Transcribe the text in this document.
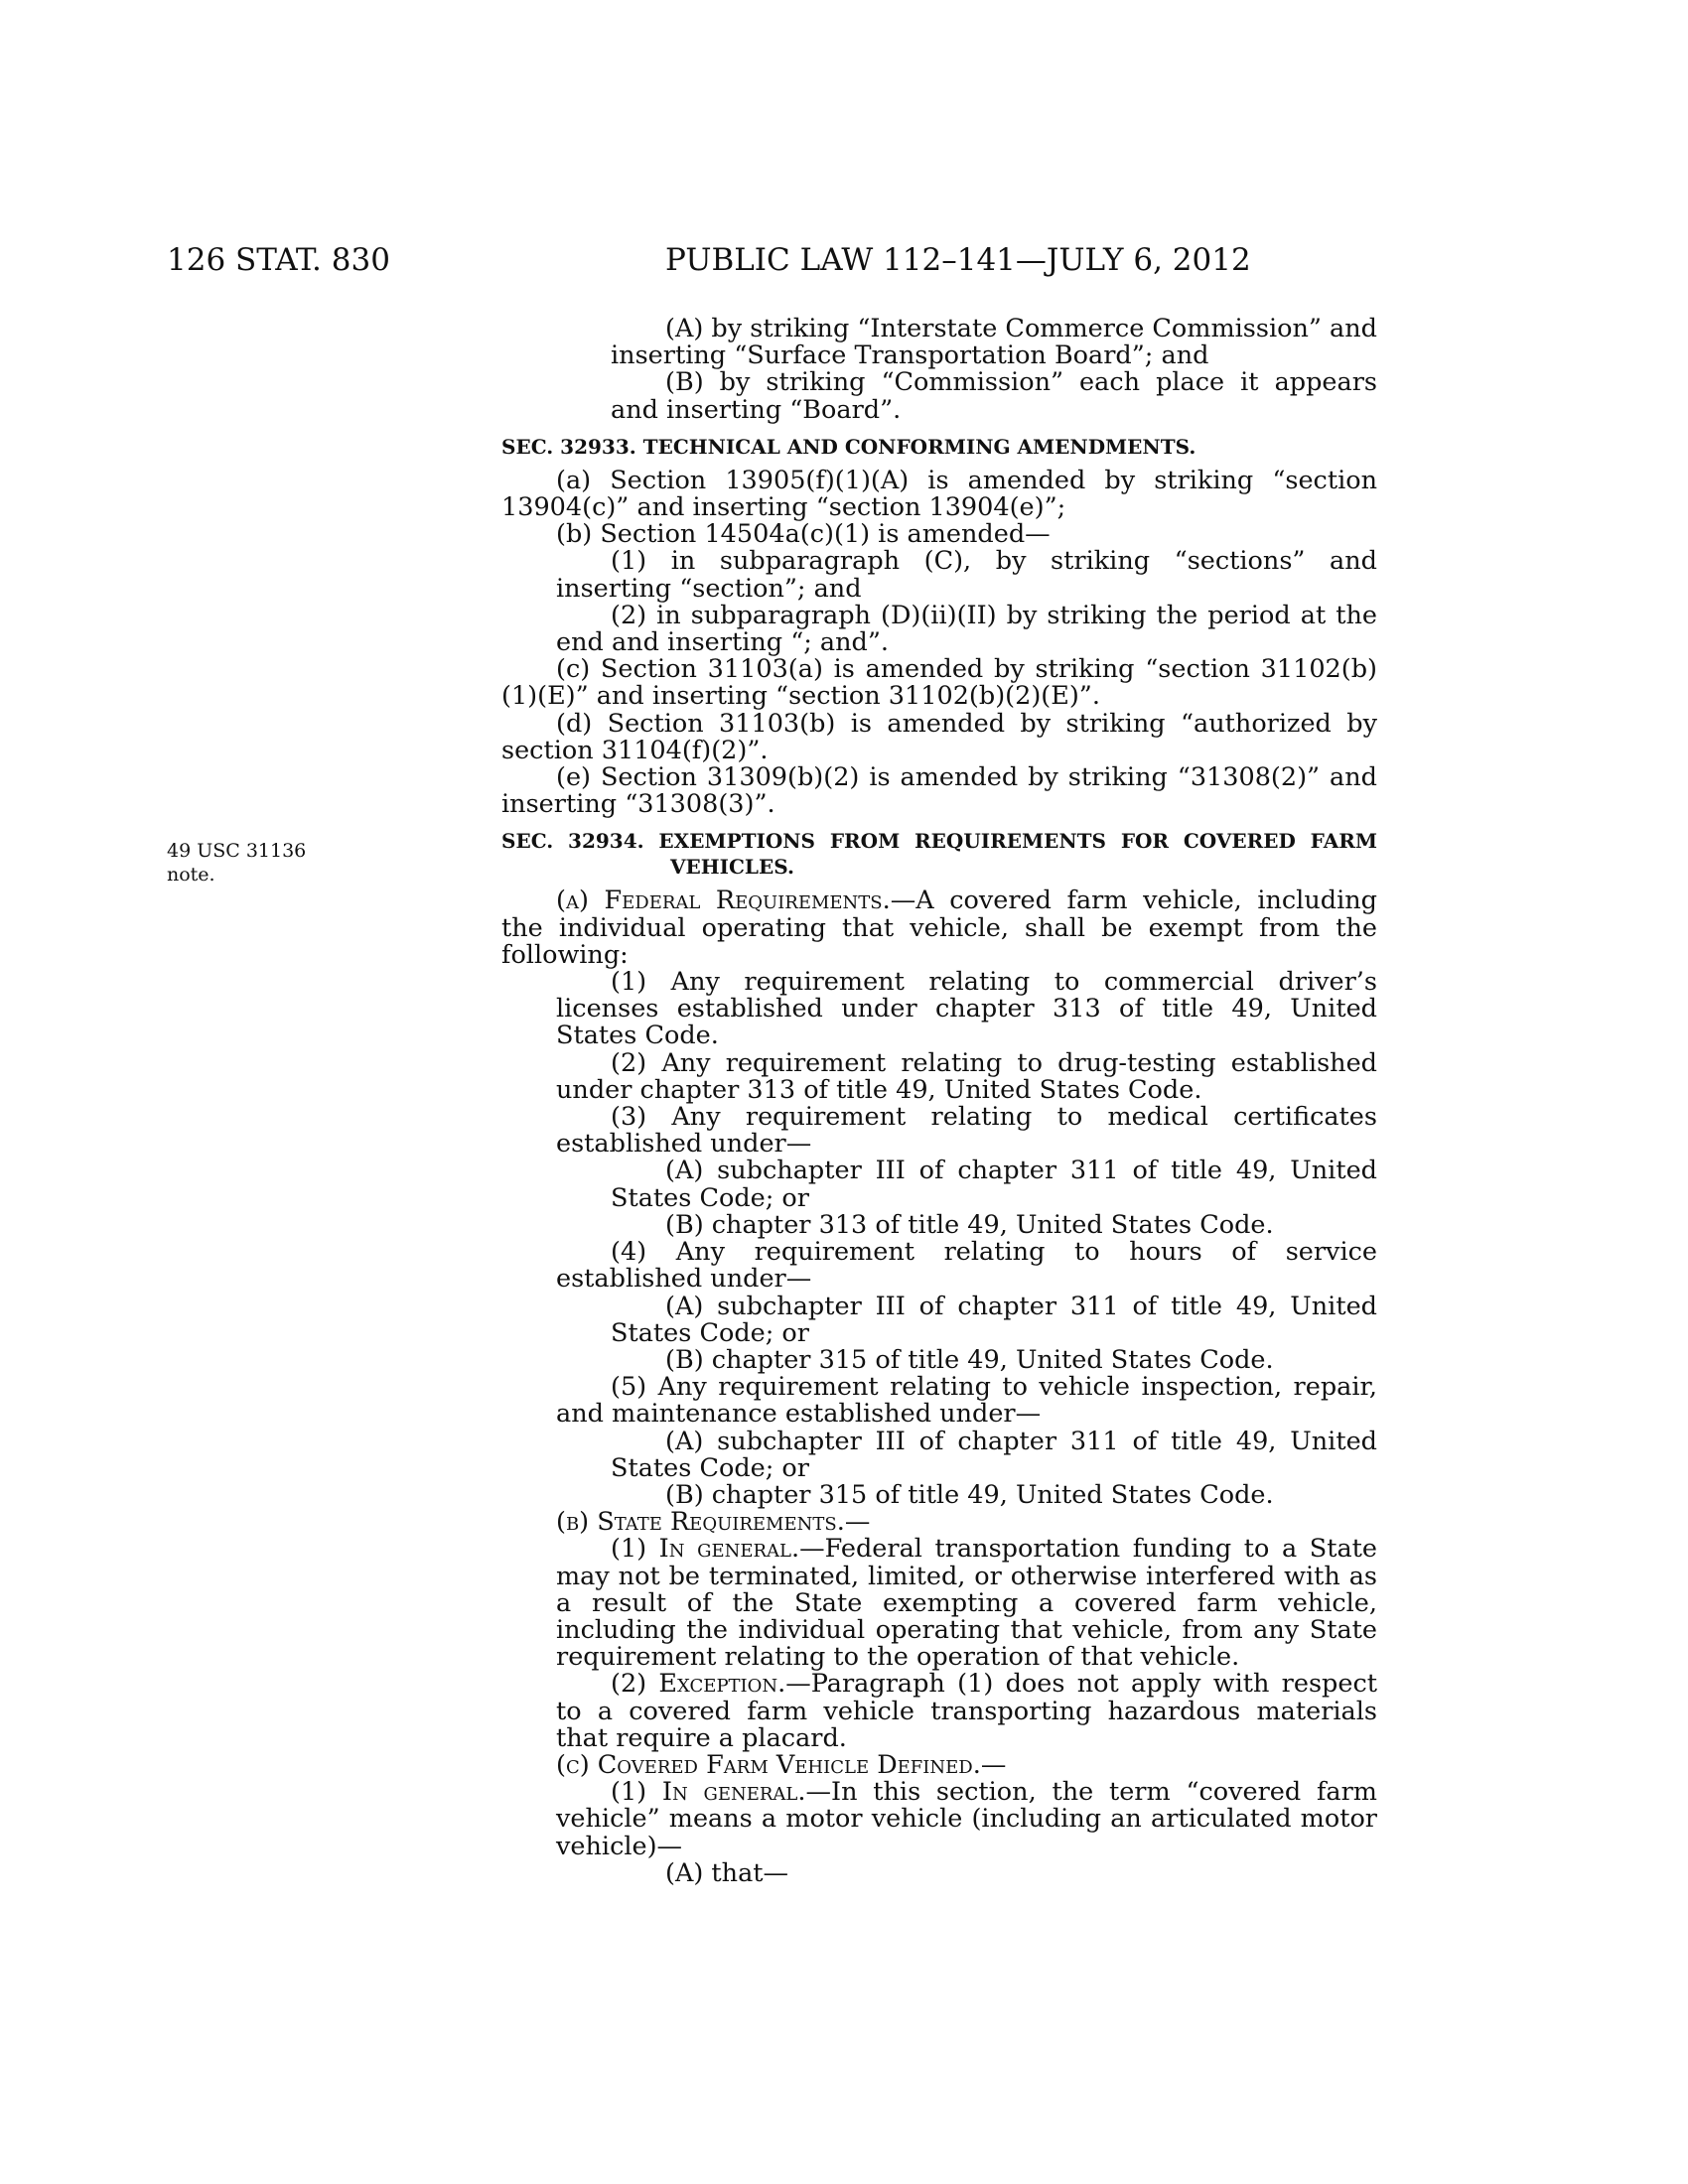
126 STAT. 830	PUBLIC LAW 112–141—JULY 6, 2012
49 USC 31136
note.

(A) by striking “Interstate Commerce Commission” and inserting “Surface Transportation Board”; and

(B) by striking “Commission” each place it appears and inserting “Board”.

SEC. 32933. TECHNICAL AND CONFORMING AMENDMENTS.

(a) Section 13905(f)(1)(A) is amended by striking “section 13904(c)” and inserting “section 13904(e)”;

(b) Section 14504a(c)(1) is amended—

(1) in subparagraph (C), by striking “sections” and inserting “section”; and

(2) in subparagraph (D)(ii)(II) by striking the period at the end and inserting “; and”.

(c) Section 31103(a) is amended by striking “section 31102(b)(1)(E)” and inserting “section 31102(b)(2)(E)”.

(d) Section 31103(b) is amended by striking “authorized by section 31104(f)(2)”.

(e) Section 31309(b)(2) is amended by striking “31308(2)” and inserting “31308(3)”.

SEC. 32934. EXEMPTIONS FROM REQUIREMENTS FOR COVERED FARM VEHICLES.

(a) Federal Requirements.—A covered farm vehicle, including the individual operating that vehicle, shall be exempt from the following:

(1) Any requirement relating to commercial driver’s licenses established under chapter 313 of title 49, United States Code.

(2) Any requirement relating to drug-testing established under chapter 313 of title 49, United States Code.

(3) Any requirement relating to medical certificates established under—

(A) subchapter III of chapter 311 of title 49, United States Code; or

(B) chapter 313 of title 49, United States Code.

(4) Any requirement relating to hours of service established under—

(A) subchapter III of chapter 311 of title 49, United States Code; or

(B) chapter 315 of title 49, United States Code.

(5) Any requirement relating to vehicle inspection, repair, and maintenance established under—

(A) subchapter III of chapter 311 of title 49, United States Code; or

(B) chapter 315 of title 49, United States Code.

(b) State Requirements.—

(1) In general.—Federal transportation funding to a State may not be terminated, limited, or otherwise interfered with as a result of the State exempting a covered farm vehicle, including the individual operating that vehicle, from any State requirement relating to the operation of that vehicle.

(2) Exception.—Paragraph (1) does not apply with respect to a covered farm vehicle transporting hazardous materials that require a placard.

(c) Covered Farm Vehicle Defined.—

(1) In general.—In this section, the term “covered farm vehicle” means a motor vehicle (including an articulated motor vehicle)—

(A) that—
